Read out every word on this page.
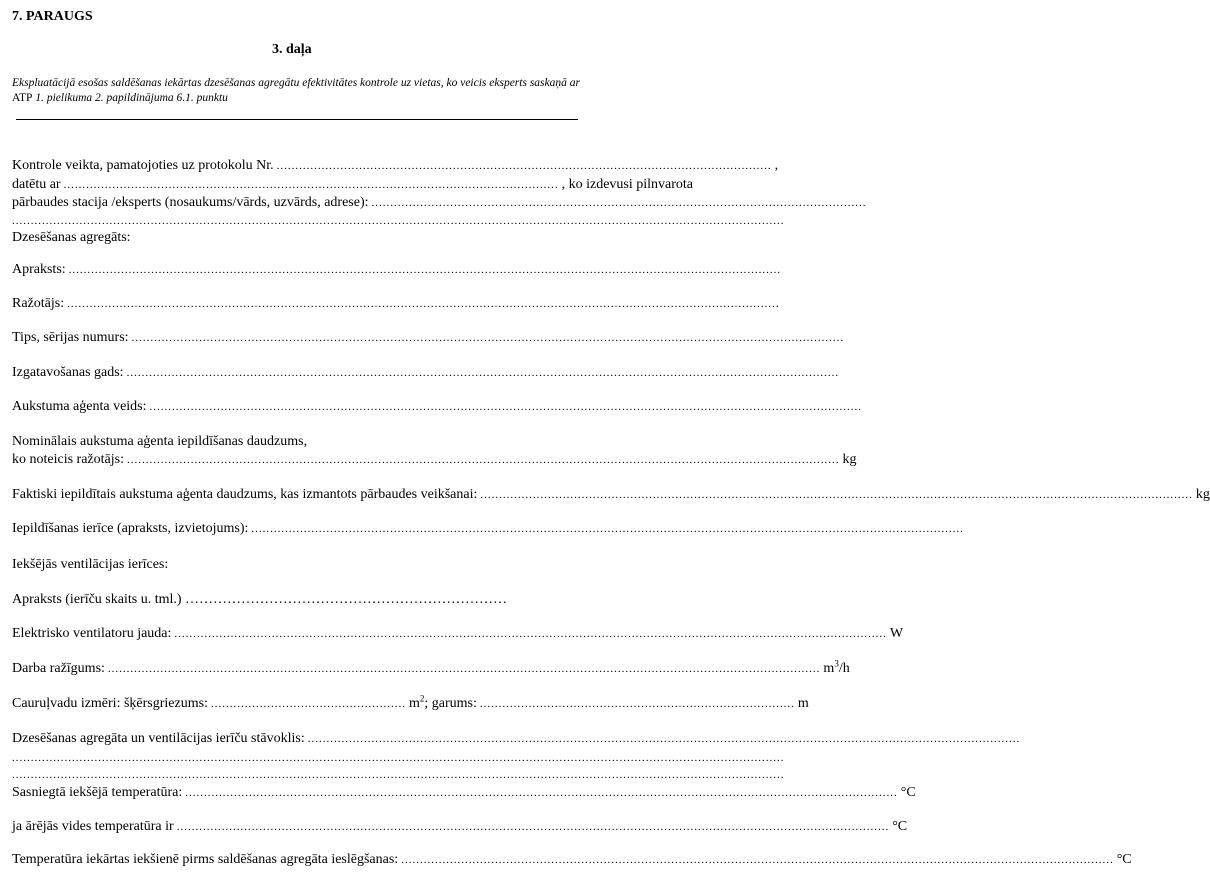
7. PARAUGS
3. daļa
Ekspluatācijā esošas saldēšanas iekārtas dzesēšanas agregātu efektivitātes kontrole uz vietas, ko veicis eksperts saskaņā ar ATP 1. pielikuma 2. papildinājuma 6.1. punktu
Kontrole veikta, pamatojoties uz protokolu Nr. .................................................................................................................................... ,
datētu ar .................................................................................................................................... , ko izdevusi pilnvarota
pārbaudes stacija /eksperts (nosaukums/vārds, uzvārds, adrese): ....................................................................................................................................
..............................................................................................................................................................................................................
Dzesēšanas agregāts:
Apraksts: ..............................................................................................................................................................................................
Ražotājs: ..............................................................................................................................................................................................
Tips, sērijas numurs: ..............................................................................................................................................................................................
Izgatavošanas gads: ..............................................................................................................................................................................................
Aukstuma aģenta veids: ..............................................................................................................................................................................................
Nominālais aukstuma aģenta iepildīšanas daudzums,
ko noteicis ražotājs: .............................................................................................................................................................................................. kg
Faktiski iepildītais aukstuma aģenta daudzums, kas izmantots pārbaudes veikšanai: .............................................................................................................................................................................................. kg
Iepildīšanas ierīce (apraksts, izvietojums): ..............................................................................................................................................................................................
Iekšējās ventilācijas ierīces:
Apraksts (ierīču skaits u. tml.) ……………………………………………………………
Elektrisko ventilatoru jauda: .............................................................................................................................................................................................. W
Darba ražīgums: .............................................................................................................................................................................................. $m^3/h$
Cauruļvadu izmēri: šķērsgriezums: .................................................... $m^2$; garums: .................................................................................... m
Dzesēšanas agregāta un ventilācijas ierīču stāvoklis: ..............................................................................................................................................................................................
..............................................................................................................................................................................................................
..............................................................................................................................................................................................................
Sasniegtā iekšējā temperatūra: .............................................................................................................................................................................................. °C
ja ārējās vides temperatūra ir .............................................................................................................................................................................................. °C
Temperatūra iekārtas iekšienē pirms saldēšanas agregāta ieslēgšanas: .............................................................................................................................................................................................. °C
